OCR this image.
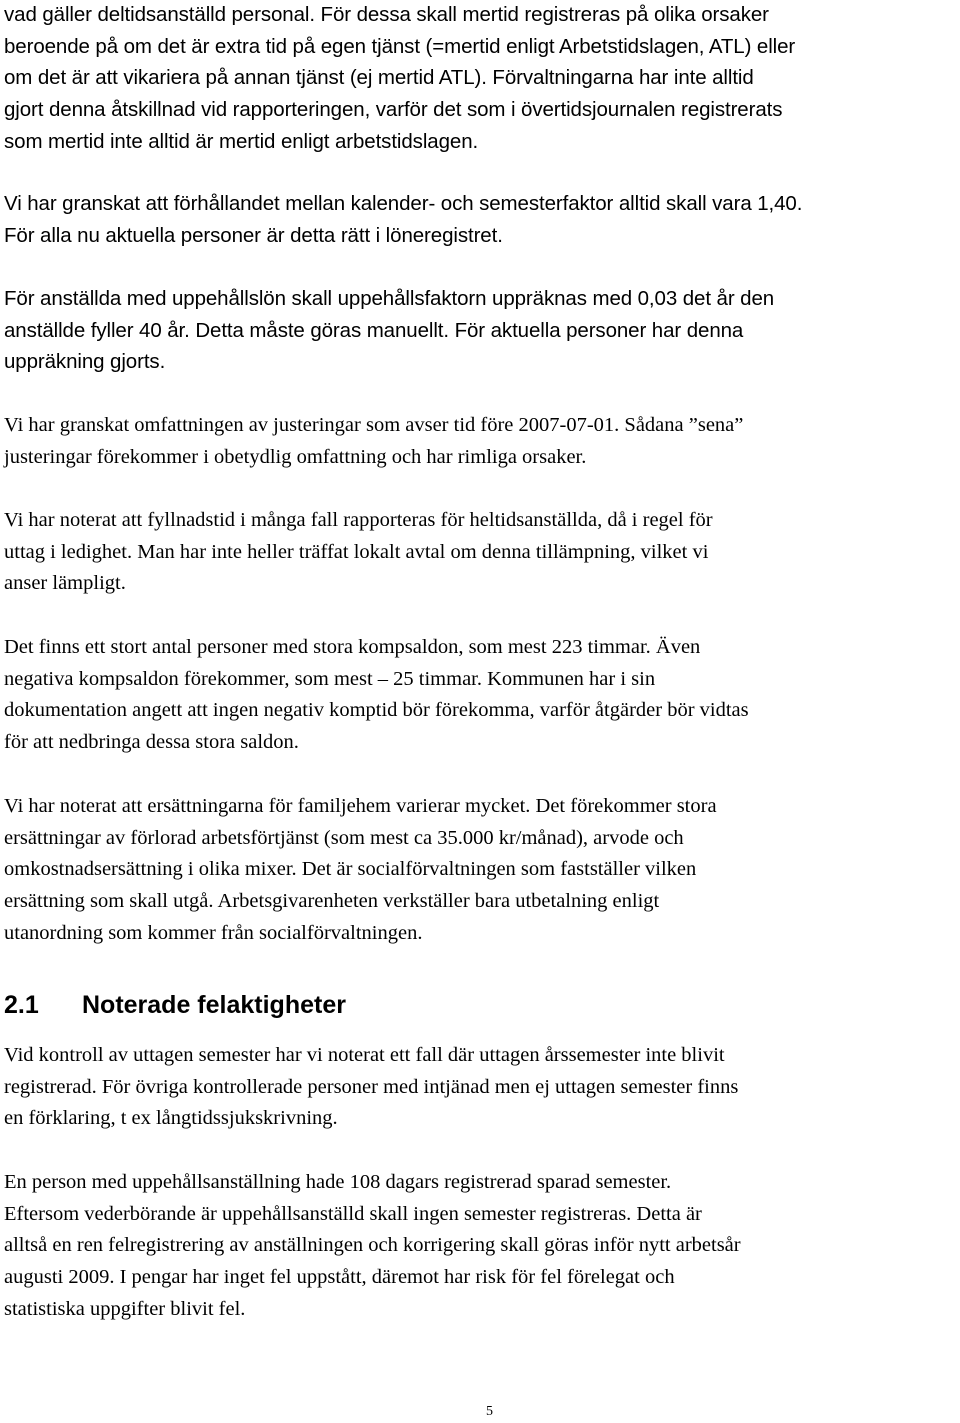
vad gäller deltidsanställd personal. För dessa skall mertid registreras på olika orsaker
beroende på om det är extra tid på egen tjänst (=mertid enligt Arbetstidslagen, ATL) eller
om det är att vikariera på annan tjänst (ej mertid ATL). Förvaltningarna har inte alltid
gjort denna åtskillnad vid rapporteringen, varför det som i övertidsjournalen registrerats
som mertid inte alltid är mertid enligt arbetstidslagen.
Vi har granskat att förhållandet mellan kalender- och semesterfaktor alltid skall vara 1,40.
För alla nu aktuella personer är detta rätt i löneregistret.
För anställda med uppehållslön skall uppehållsfaktorn uppräknas med 0,03 det år den
anställde fyller 40 år. Detta måste göras manuellt. För aktuella personer har denna
uppräkning gjorts.
Vi har granskat omfattningen av justeringar som avser tid före 2007-07-01. Sådana ”sena”
justeringar förekommer i obetydlig omfattning och har rimliga orsaker.
Vi har noterat att fyllnadstid i många fall rapporteras för heltidsanställda, då i regel för
uttag i ledighet. Man har inte heller träffat lokalt avtal om denna tillämpning, vilket vi
anser lämpligt.
Det finns ett stort antal personer med stora kompsaldon, som mest 223 timmar. Även
negativa kompsaldon förekommer, som mest – 25 timmar. Kommunen har i sin
dokumentation angett att ingen negativ komptid bör förekomma, varför åtgärder bör vidtas
för att nedbringa dessa stora saldon.
Vi har noterat att ersättningarna för familjehem varierar mycket. Det förekommer stora
ersättningar av förlorad arbetsförtjänst (som mest ca 35.000 kr/månad), arvode och
omkostnadsersättning i olika mixer. Det är socialförvaltningen som fastställer vilken
ersättning som skall utgå. Arbetsgivarenheten verkställer bara utbetalning enligt
utanordning som kommer från socialförvaltningen.
2.1 Noterade felaktigheter
Vid kontroll av uttagen semester har vi noterat ett fall där uttagen årssemester inte blivit
registrerad. För övriga kontrollerade personer med intjänad men ej uttagen semester finns
en förklaring, t ex långtidssjukskrivning.
En person med uppehållsanställning hade 108 dagars registrerad sparad semester.
Eftersom vederbörande är uppehållsanställd skall ingen semester registreras. Detta är
alltså en ren felregistrering av anställningen och korrigering skall göras inför nytt arbetsår
augusti 2009. I pengar har inget fel uppstått, däremot har risk för fel förelegat och
statistiska uppgifter blivit fel.
5
